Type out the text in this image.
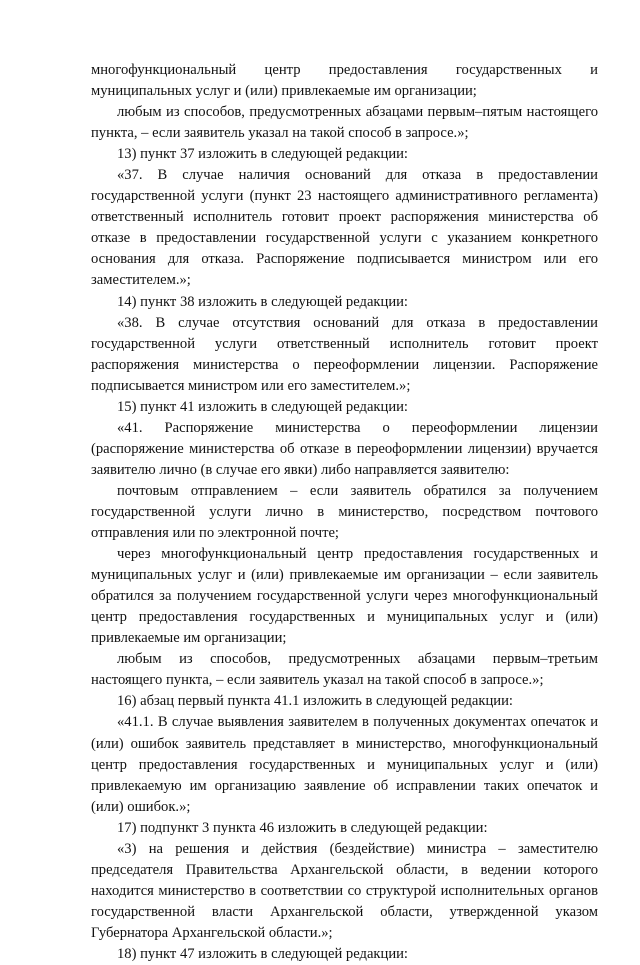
многофункциональный центр предоставления государственных и муниципальных услуг и (или) привлекаемые им организации;

любым из способов, предусмотренных абзацами первым–пятым настоящего пункта, – если заявитель указал на такой способ в запросе.»;

13) пункт 37 изложить в следующей редакции:

«37. В случае наличия оснований для отказа в предоставлении государственной услуги (пункт 23 настоящего административного регламента) ответственный исполнитель готовит проект распоряжения министерства об отказе в предоставлении государственной услуги с указанием конкретного основания для отказа. Распоряжение подписывается министром или его заместителем.»;

14) пункт 38 изложить в следующей редакции:

«38. В случае отсутствия оснований для отказа в предоставлении государственной услуги ответственный исполнитель готовит проект распоряжения министерства о переоформлении лицензии. Распоряжение подписывается министром или его заместителем.»;

15) пункт 41 изложить в следующей редакции:

«41. Распоряжение министерства о переоформлении лицензии (распоряжение министерства об отказе в переоформлении лицензии) вручается заявителю лично (в случае его явки) либо направляется заявителю:

почтовым отправлением – если заявитель обратился за получением государственной услуги лично в министерство, посредством почтового отправления или по электронной почте;

через многофункциональный центр предоставления государственных и муниципальных услуг и (или) привлекаемые им организации – если заявитель обратился за получением государственной услуги через многофункциональный центр предоставления государственных и муниципальных услуг и (или) привлекаемые им организации;

любым из способов, предусмотренных абзацами первым–третьим настоящего пункта, – если заявитель указал на такой способ в запросе.»;

16) абзац первый пункта 41.1 изложить в следующей редакции:

«41.1. В случае выявления заявителем в полученных документах опечаток и (или) ошибок заявитель представляет в министерство, многофункциональный центр предоставления государственных и муниципальных услуг и (или) привлекаемую им организацию заявление об исправлении таких опечаток и (или) ошибок.»;

17) подпункт 3 пункта 46 изложить в следующей редакции:

«3) на решения и действия (бездействие) министра – заместителю председателя Правительства Архангельской области, в ведении которого находится министерство в соответствии со структурой исполнительных органов государственной власти Архангельской области, утвержденной указом Губернатора Архангельской области.»;

18) пункт 47 изложить в следующей редакции:
